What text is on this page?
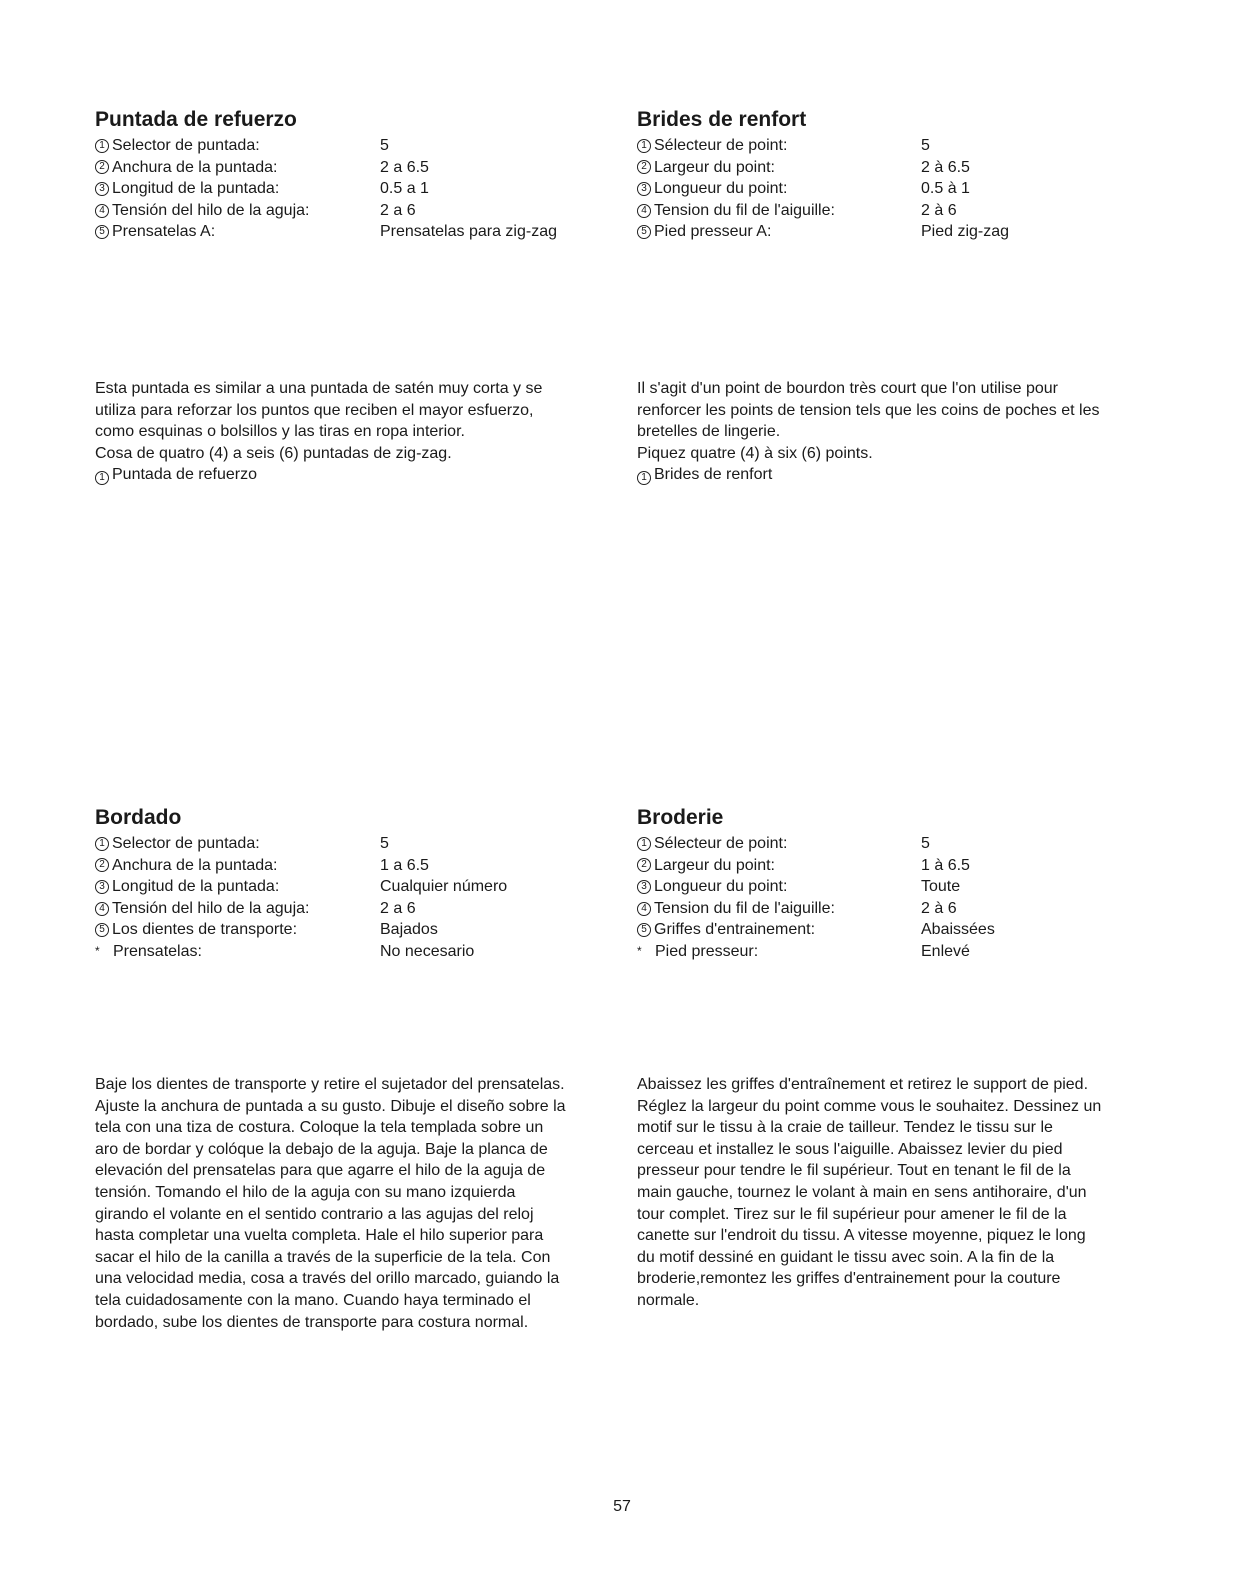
Puntada de refuerzo
1 Selector de puntada:	5
2 Anchura de la puntada:	2 a 6.5
3 Longitud de la puntada:	0.5 a 1
4 Tensión del hilo de la aguja:	2 a 6
5 Prensatelas A:	Prensatelas para zig-zag
Brides de renfort
1 Sélecteur de point:	5
2 Largeur du point:	2 à 6.5
3 Longueur du point:	0.5 à 1
4 Tension du fil de l'aiguille:	2 à 6
5 Pied presseur A:	Pied zig-zag

Esta puntada es similar a una puntada de satén muy corta y se
utiliza para reforzar los puntos que reciben el mayor esfuerzo,
como esquinas o bolsillos y las tiras en ropa interior.
Cosa de quatro (4) a seis (6) puntadas de zig-zag.
1 Puntada de refuerzo

Il s'agit d'un point de bourdon très court que l'on utilise pour
renforcer les points de tension tels que les coins de poches et les
bretelles de lingerie.
Piquez quatre (4) à six (6) points.
1 Brides de renfort

Bordado
1 Selector de puntada:	5
2 Anchura de la puntada:	1 a 6.5
3 Longitud de la puntada:	Cualquier número
4 Tensión del hilo de la aguja:	2 a 6
5 Los dientes de transporte:	Bajados
* Prensatelas:	No necesario
Broderie
1 Sélecteur de point:	5
2 Largeur du point:	1 à 6.5
3 Longueur du point:	Toute
4 Tension du fil de l'aiguille:	2 à 6
5 Griffes d'entrainement:	Abaissées
* Pied presseur:	Enlevé

Baje los dientes de transporte y retire el sujetador del prensatelas.
Ajuste la anchura de puntada a su gusto. Dibuje el diseño sobre la
tela con una tiza de costura. Coloque la tela templada sobre un
aro de bordar y colóque la debajo de la aguja. Baje la planca de
elevación del prensatelas para que agarre el hilo de la aguja de
tensión. Tomando el hilo de la aguja con su mano izquierda
girando el volante en el sentido contrario a las agujas del reloj
hasta completar una vuelta completa. Hale el hilo superior para
sacar el hilo de la canilla a través de la superficie de la tela. Con
una velocidad media, cosa a través del orillo marcado, guiando la
tela cuidadosamente con la mano. Cuando haya terminado el
bordado, sube los dientes de transporte para costura normal.

Abaissez les griffes d'entraînement et retirez le support de pied.
Réglez la largeur du point comme vous le souhaitez. Dessinez un
motif sur le tissu à la craie de tailleur. Tendez le tissu sur le
cerceau et installez le sous l'aiguille. Abaissez levier du pied
presseur pour tendre le fil supérieur. Tout en tenant le fil de la
main gauche, tournez le volant à main en sens antihoraire, d'un
tour complet. Tirez sur le fil supérieur pour amener le fil de la
canette sur l'endroit du tissu. A vitesse moyenne, piquez le long
du motif dessiné en guidant le tissu avec soin. A la fin de la
broderie,remontez les griffes d'entrainement pour la couture
normale.

57
